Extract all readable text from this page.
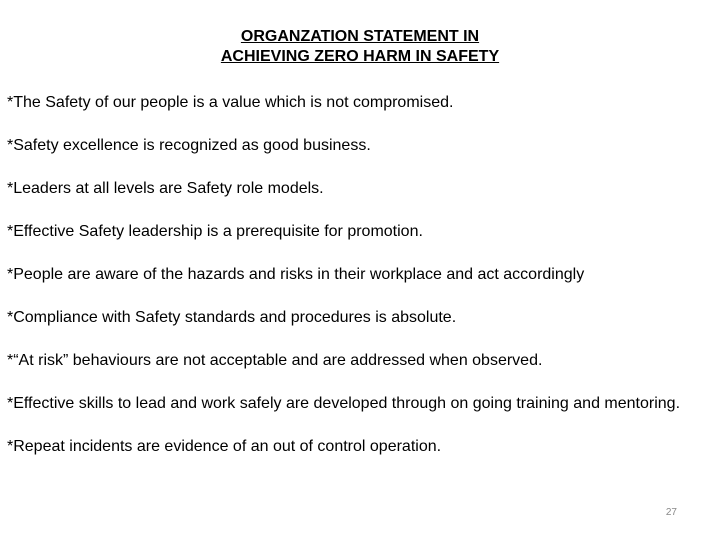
ORGANZATION STATEMENT IN
ACHIEVING ZERO HARM IN SAFETY
*The Safety of our people is a value which is not compromised.
*Safety excellence is recognized as good business.
*Leaders at all levels are Safety role models.
*Effective Safety leadership is a prerequisite for promotion.
*People are aware of the hazards and risks in their workplace and act accordingly
*Compliance with Safety standards and procedures is absolute.
*“At risk” behaviours are not acceptable and are addressed when observed.
*Effective skills to lead and work safely are developed through on going training and mentoring.
*Repeat incidents are evidence of an out of control operation.
27
